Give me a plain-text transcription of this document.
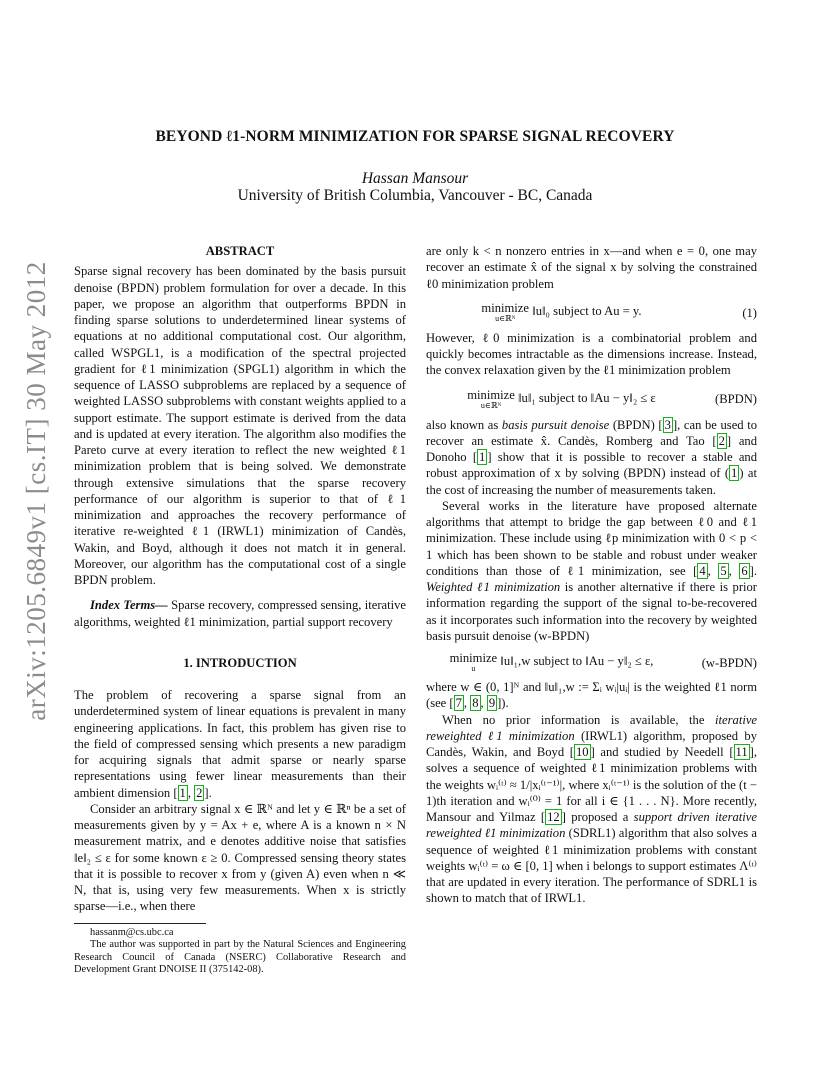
arXiv:1205.6849v1 [cs.IT] 30 May 2012
BEYOND ℓ1-NORM MINIMIZATION FOR SPARSE SIGNAL RECOVERY
Hassan Mansour
University of British Columbia, Vancouver - BC, Canada

ABSTRACT

Sparse signal recovery has been dominated by the basis pursuit denoise (BPDN) problem formulation for over a decade. In this paper, we propose an algorithm that outperforms BPDN in finding sparse solutions to underdetermined linear systems of equations at no additional computational cost. Our algorithm, called WSPGL1, is a modification of the spectral projected gradient for ℓ1 minimization (SPGL1) algorithm in which the sequence of LASSO subproblems are replaced by a sequence of weighted LASSO subproblems with constant weights applied to a support estimate. The support estimate is derived from the data and is updated at every iteration. The algorithm also modifies the Pareto curve at every iteration to reflect the new weighted ℓ1 minimization problem that is being solved. We demonstrate through extensive simulations that the sparse recovery performance of our algorithm is superior to that of ℓ1 minimization and approaches the recovery performance of iterative re-weighted ℓ1 (IRWL1) minimization of Candès, Wakin, and Boyd, although it does not match it in general. Moreover, our algorithm has the computational cost of a single BPDN problem.

Index Terms— Sparse recovery, compressed sensing, iterative algorithms, weighted ℓ1 minimization, partial support recovery

1. INTRODUCTION

The problem of recovering a sparse signal from an underdetermined system of linear equations is prevalent in many engineering applications. In fact, this problem has given rise to the field of compressed sensing which presents a new paradigm for acquiring signals that admit sparse or nearly sparse representations using fewer linear measurements than their ambient dimension [ 1 , 2 ].

Consider an arbitrary signal x ∈ ℝᴺ and let y ∈ ℝⁿ be a set of measurements given by y = Ax + e, where A is a known n × N measurement matrix, and e denotes additive noise that satisfies ‖e‖₂ ≤ ε for some known ε ≥ 0. Compressed sensing theory states that it is possible to recover x from y (given A) even when n ≪ N, that is, using very few measurements. When x is strictly sparse—i.e., when there

hassanm@cs.ubc.ca

The author was supported in part by the Natural Sciences and Engineering Research Council of Canada (NSERC) Collaborative Research and Development Grant DNOISE II (375142-08).

are only k < n nonzero entries in x—and when e = 0, one may recover an estimate x̂ of the signal x by solving the constrained ℓ0 minimization problem

minimize
u∈ℝᴺ
‖u‖₀ subject to Au = y.	(1)

However, ℓ0 minimization is a combinatorial problem and quickly becomes intractable as the dimensions increase. Instead, the convex relaxation given by the ℓ1 minimization problem

minimize
u∈ℝᴺ
‖u‖₁ subject to ‖Au − y‖₂ ≤ ε	(BPDN)

also known as basis pursuit denoise (BPDN) [ 3 ], can be used to recover an estimate x̂. Candès, Romberg and Tao [ 2 ] and Donoho [ 1 ] show that it is possible to recover a stable and robust approximation of x by solving (BPDN) instead of ( 1 ) at the cost of increasing the number of measurements taken.

Several works in the literature have proposed alternate algorithms that attempt to bridge the gap between ℓ0 and ℓ1 minimization. These include using ℓp minimization with 0 < p < 1 which has been shown to be stable and robust under weaker conditions than those of ℓ1 minimization, see [ 4 , 5 , 6 ]. Weighted ℓ1 minimization is another alternative if there is prior information regarding the support of the signal to-be-recovered as it incorporates such information into the recovery by weighted basis pursuit denoise (w-BPDN)

minimize
u
‖u‖₁,w subject to ‖Au − y‖₂ ≤ ε,	(w-BPDN)

where w ∈ (0, 1]ᴺ and ‖u‖₁,w := Σᵢ wᵢ|uᵢ| is the weighted ℓ1 norm (see [ 7 , 8 , 9 ]).

When no prior information is available, the iterative reweighted ℓ1 minimization (IRWL1) algorithm, proposed by Candès, Wakin, and Boyd [ 10 ] and studied by Needell [ 11 ], solves a sequence of weighted ℓ1 minimization problems with the weights wᵢ⁽ᵗ⁾ ≈ 1/|xᵢ⁽ᵗ⁻¹⁾|, where xᵢ⁽ᵗ⁻¹⁾ is the solution of the (t − 1)th iteration and wᵢ⁽⁰⁾ = 1 for all i ∈ {1 . . . N}. More recently, Mansour and Yilmaz [ 12 ] proposed a support driven iterative reweighted ℓ1 minimization (SDRL1) algorithm that also solves a sequence of weighted ℓ1 minimization problems with constant weights wᵢ⁽ᵗ⁾ = ω ∈ [0, 1] when i belongs to support estimates Λ⁽ᵗ⁾ that are updated in every iteration. The performance of SDRL1 is shown to match that of IRWL1.
